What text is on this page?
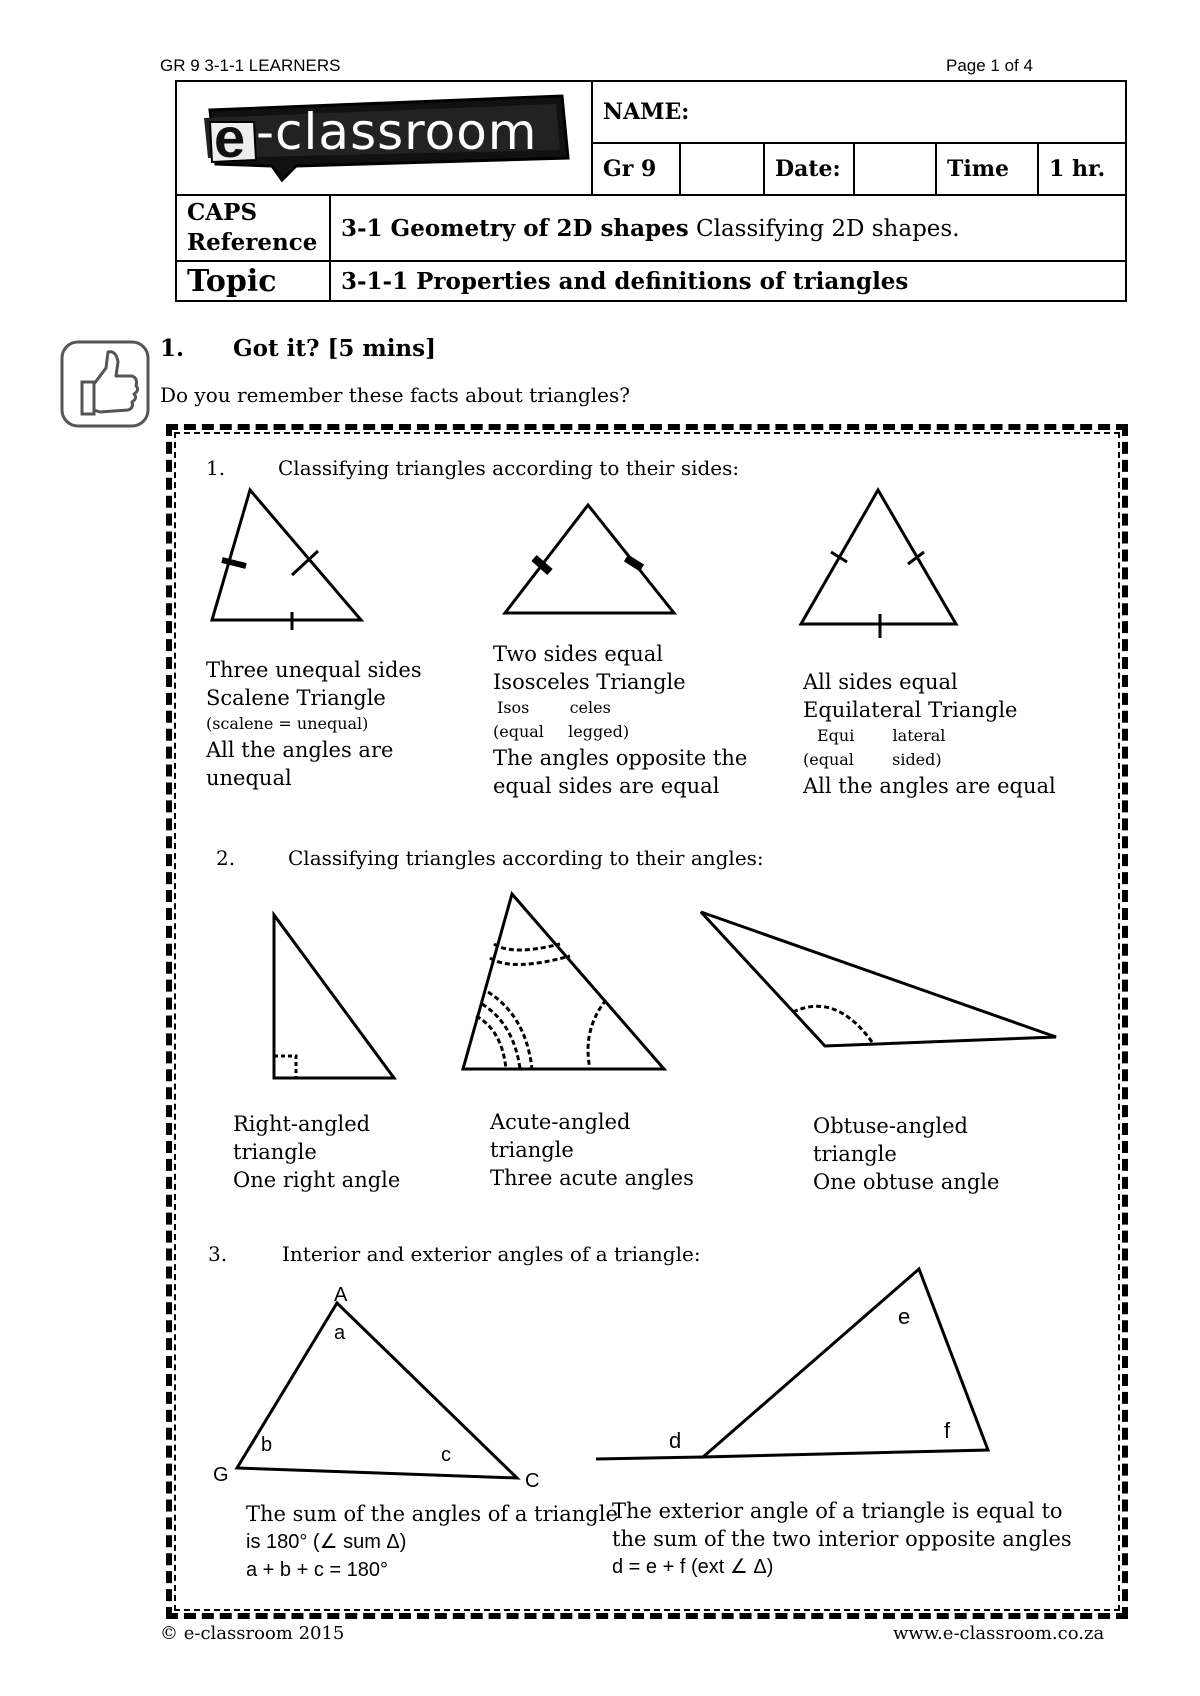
GR 9 3-1-1 LEARNERS	Page 1 of 4
		NAME:					
		Gr 9		Date:		Time	1 hr.

CAPS
Reference	3-1 Geometry of 2D shapes Classifying 2D shapes.						
Topic	3-1-1 Properties and definitions of triangles						
e -classroom
1. Got it? [5 mins]
Do you remember these facts about triangles?
1.	Classifying triangles according to their sides:
Three unequal sides
Scalene Triangle
(scalene = unequal)
All the angles are
unequal
Two sides equal
Isosceles Triangle
Isos	celes
(equal legged)
The angles opposite the
equal sides are equal
All sides equal
Equilateral Triangle
Equi lateral
(equal sided)
All the angles are equal
2.	Classifying triangles according to their angles:
Right-angled
triangle
One right angle
Acute-angled
triangle
Three acute angles
Obtuse-angled
triangle
One obtuse angle
3.	Interior and exterior angles of a triangle:
A
a
b	c
G	C
d
e
f
The sum of the angles of a triangle
is 180° (∠ sum Δ)
a + b + c = 180°
The exterior angle of a triangle is equal to
the sum of the two interior opposite angles
d = e + f (ext ∠ Δ)
© e-classroom 2015	www.e-classroom.co.za
